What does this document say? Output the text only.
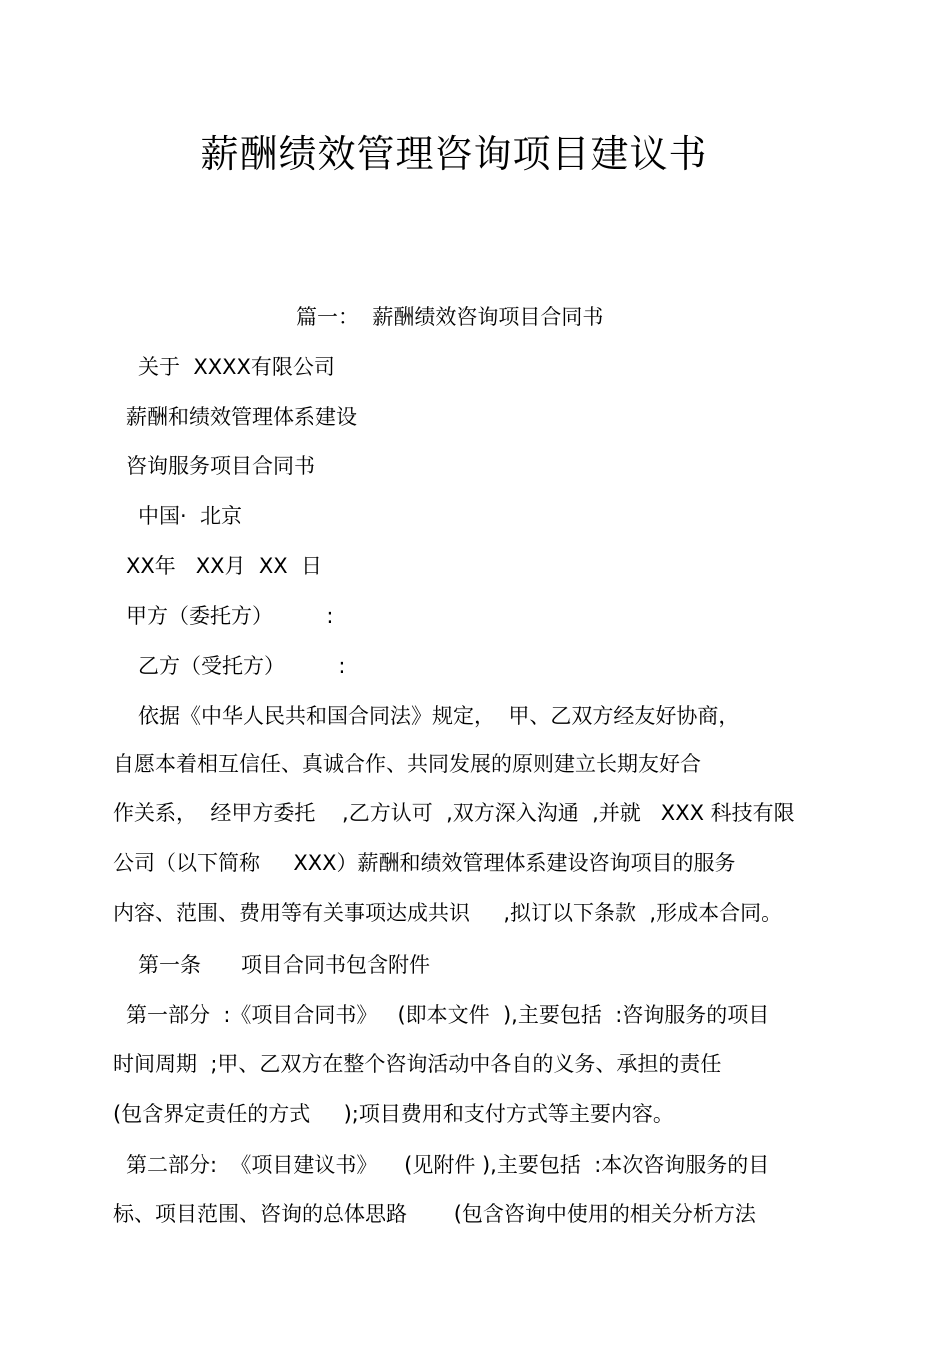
薪酬绩效管理咨询项目建议书
篇一：  薪酬绩效咨询项目合同书
关于  XXXX有限公司
薪酬和绩效管理体系建设
咨询服务项目合同书
中国·  北京
XX年   XX月  XX  日
甲方（委托方）        :
乙方（受托方）        :
依据《中华人民共和国合同法》规定，  甲、乙双方经友好协商，
自愿本着相互信任、真诚合作、共同发展的原则建立长期友好合
作关系，  经甲方委托    ,乙方认可  ,双方深入沟通  ,并就   XXX 科技有限
公司（以下简称     XXX）薪酬和绩效管理体系建设咨询项目的服务
内容、范围、费用等有关事项达成共识     ,拟订以下条款  ,形成本合同。
第一条      项目合同书包含附件
第一部分  :《项目合同书》   (即本文件  ),主要包括  :咨询服务的项目
时间周期  ;甲、乙双方在整个咨询活动中各自的义务、承担的责任
(包含界定责任的方式     );项目费用和支付方式等主要内容。
第二部分:  《项目建议书》    (见附件 ),主要包括  :本次咨询服务的目
标、项目范围、咨询的总体思路       (包含咨询中使用的相关分析方法
